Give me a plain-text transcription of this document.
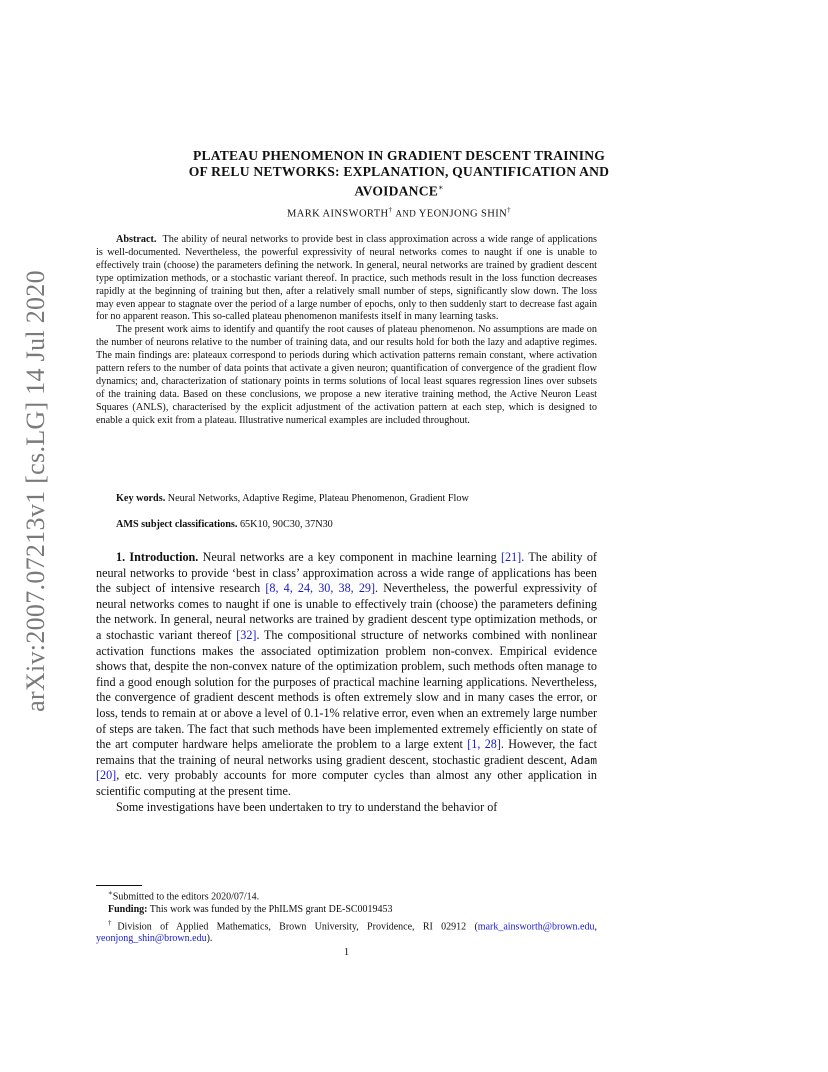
arXiv:2007.07213v1 [cs.LG] 14 Jul 2020
PLATEAU PHENOMENON IN GRADIENT DESCENT TRAINING
OF RELU NETWORKS: EXPLANATION, QUANTIFICATION AND
AVOIDANCE∗
MARK AINSWORTH† AND YEONJONG SHIN†

Abstract. The ability of neural networks to provide best in class approximation across a wide range of applications is well-documented. Nevertheless, the powerful expressivity of neural networks comes to naught if one is unable to effectively train (choose) the parameters defining the network. In general, neural networks are trained by gradient descent type optimization methods, or a stochastic variant thereof. In practice, such methods result in the loss function decreases rapidly at the beginning of training but then, after a relatively small number of steps, significantly slow down. The loss may even appear to stagnate over the period of a large number of epochs, only to then suddenly start to decrease fast again for no apparent reason. This so-called plateau phenomenon manifests itself in many learning tasks.

The present work aims to identify and quantify the root causes of plateau phenomenon. No assumptions are made on the number of neurons relative to the number of training data, and our results hold for both the lazy and adaptive regimes. The main findings are: plateaux correspond to periods during which activation patterns remain constant, where activation pattern refers to the number of data points that activate a given neuron; quantification of convergence of the gradient flow dynamics; and, characterization of stationary points in terms solutions of local least squares regression lines over subsets of the training data. Based on these conclusions, we propose a new iterative training method, the Active Neuron Least Squares (ANLS), characterised by the explicit adjustment of the activation pattern at each step, which is designed to enable a quick exit from a plateau. Illustrative numerical examples are included throughout.

Key words. Neural Networks, Adaptive Regime, Plateau Phenomenon, Gradient Flow
AMS subject classifications. 65K10, 90C30, 37N30

1. Introduction. Neural networks are a key component in machine learning [21]. The ability of neural networks to provide ‘best in class’ approximation across a wide range of applications has been the subject of intensive research [8, 4, 24, 30, 38, 29]. Nevertheless, the powerful expressivity of neural networks comes to naught if one is unable to effectively train (choose) the parameters defining the network. In general, neural networks are trained by gradient descent type optimization methods, or a stochastic variant thereof [32]. The compositional structure of networks combined with nonlinear activation functions makes the associated optimization problem non-convex. Empirical evidence shows that, despite the non-convex nature of the optimization problem, such methods often manage to find a good enough solution for the purposes of practical machine learning applications. Nevertheless, the convergence of gradient descent methods is often extremely slow and in many cases the error, or loss, tends to remain at or above a level of 0.1-1% relative error, even when an extremely large number of steps are taken. The fact that such methods have been implemented extremely efficiently on state of the art computer hardware helps ameliorate the problem to a large extent [1, 28]. However, the fact remains that the training of neural networks using gradient descent, stochastic gradient descent, Adam [20], etc. very probably accounts for more computer cycles than almost any other application in scientific computing at the present time.

Some investigations have been undertaken to try to understand the behavior of

∗Submitted to the editors 2020/07/14.

Funding: This work was funded by the PhILMS grant DE-SC0019453

†Division of Applied Mathematics, Brown University, Providence, RI 02912 (mark_ainsworth@brown.edu, yeonjong_shin@brown.edu).

1
